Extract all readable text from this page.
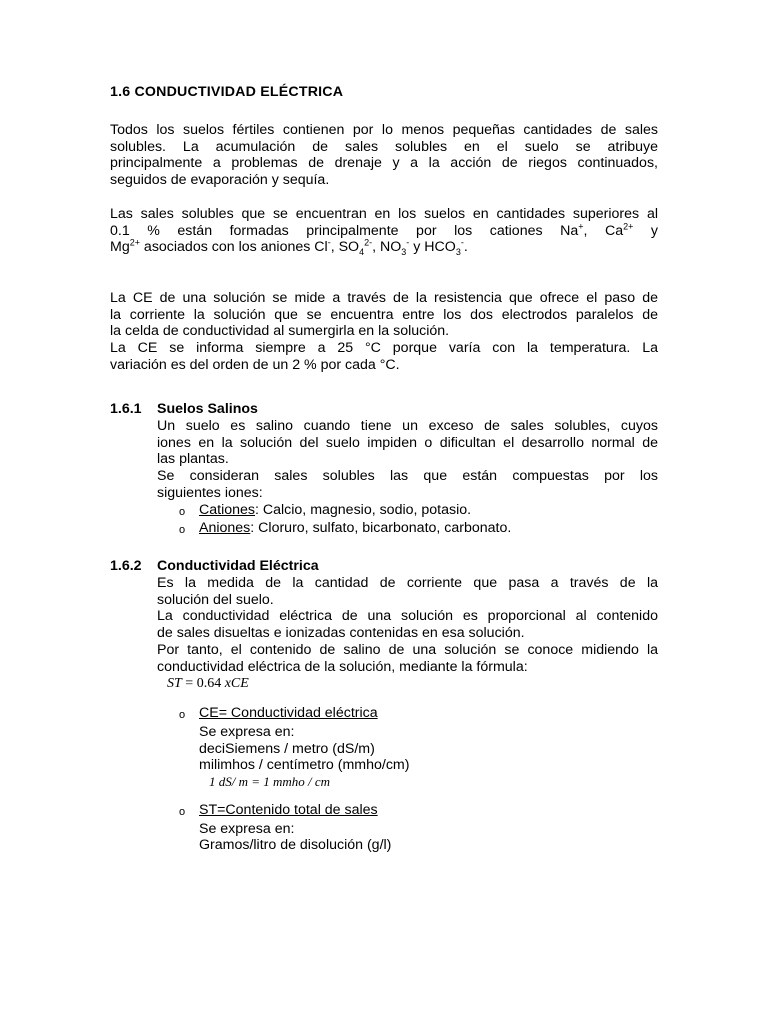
1.6 CONDUCTIVIDAD ELÉCTRICA

Todos los suelos fértiles contienen por lo menos pequeñas cantidades de sales

solubles. La acumulación de sales solubles en el suelo se atribuye

principalmente a problemas de drenaje y a la acción de riegos continuados,

seguidos de evaporación y sequía.

Las sales solubles que se encuentran en los suelos en cantidades superiores al

0.1 % están formadas principalmente por los cationes Na+, $Ca^{2+}$ y

$Mg^{2+}$ asociados con los aniones Cl-, $SO_4^{2-}$, $NO_3^-$ y $HCO_3^-$.

La CE de una solución se mide a través de la resistencia que ofrece el paso de

la corriente la solución que se encuentra entre los dos electrodos paralelos de

la celda de conductividad al sumergirla en la solución.

La CE se informa siempre a 25 °C porque varía con la temperatura. La

variación es del orden de un 2 % por cada °C.

1.6.1 Suelos Salinos

Un suelo es salino cuando tiene un exceso de sales solubles, cuyos

iones en la solución del suelo impiden o dificultan el desarrollo normal de

las plantas.

Se consideran sales solubles las que están compuestas por los

siguientes iones:

o Cationes: Calcio, magnesio, sodio, potasio.
o Aniones: Cloruro, sulfato, bicarbonato, carbonato.
1.6.2 Conductividad Eléctrica

Es la medida de la cantidad de corriente que pasa a través de la

solución del suelo.

La conductividad eléctrica de una solución es proporcional al contenido

de sales disueltas e ionizadas contenidas en esa solución.

Por tanto, el contenido de salino de una solución se conoce midiendo la

conductividad eléctrica de la solución, mediante la fórmula:

ST = 0.64 xCE
o CE= Conductividad eléctrica

Se expresa en:

deciSiemens / metro (dS/m)

milimhos / centímetro (mmho/cm)

1 dS/ m = 1 mmho / cm
o ST=Contenido total de sales

Se expresa en:

Gramos/litro de disolución (g/l)
